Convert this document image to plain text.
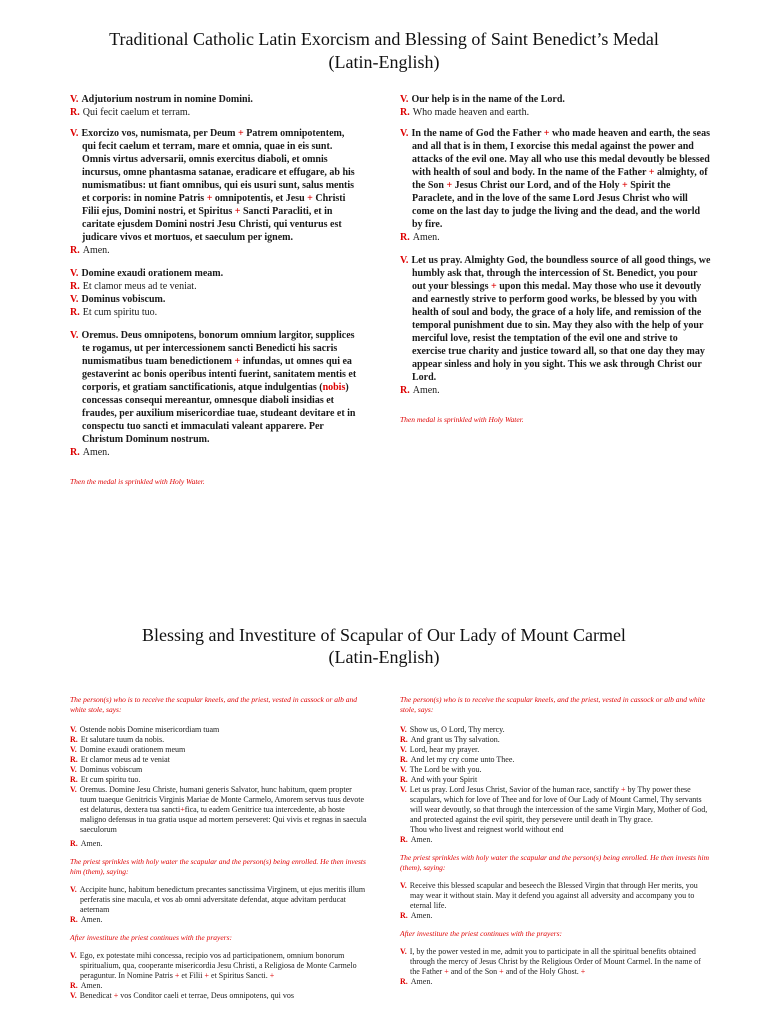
Traditional Catholic Latin Exorcism and Blessing of Saint Benedict’s Medal
(Latin-English)

V. Adjutorium nostrum in nomine Domini.

R. Qui fecit caelum et terram.

V. Exorcizo vos, numismata, per Deum + Patrem omnipotentem, qui fecit caelum et terram, mare et omnia, quae in eis sunt. Omnis virtus adversarii, omnis exercitus diaboli, et omnis incursus, omne phantasma satanae, eradicare et effugare, ab his numismatibus: ut fiant omnibus, qui eis usuri sunt, salus mentis et corporis: in nomine Patris + omnipotentis, et Jesu + Christi Filii ejus, Domini nostri, et Spiritus + Sancti Paracliti, et in caritate ejusdem Domini nostri Jesu Christi, qui venturus est judicare vivos et mortuos, et saeculum per ignem.

R. Amen.

V. Domine exaudi orationem meam.

R. Et clamor meus ad te veniat.

V. Dominus vobiscum.

R. Et cum spiritu tuo.

V. Oremus. Deus omnipotens, bonorum omnium largitor, supplices te rogamus, ut per intercessionem sancti Benedicti his sacris numismatibus tuam benedictionem + infundas, ut omnes qui ea gestaverint ac bonis operibus intenti fuerint, sanitatem mentis et corporis, et gratiam sanctificationis, atque indulgentias (nobis) concessas consequi mereantur, omnesque diaboli insidias et fraudes, per auxilium misericordiae tuae, studeant devitare et in conspectu tuo sancti et immaculati valeant apparere. Per Christum Dominum nostrum.

R. Amen.

Then the medal is sprinkled with Holy Water.

V. Our help is in the name of the Lord.

R. Who made heaven and earth.

V. In the name of God the Father + who made heaven and earth, the seas and all that is in them, I exorcise this medal against the power and attacks of the evil one. May all who use this medal devoutly be blessed with health of soul and body. In the name of the Father + almighty, of the Son + Jesus Christ our Lord, and of the Holy + Spirit the Paraclete, and in the love of the same Lord Jesus Christ who will come on the last day to judge the living and the dead, and the world by fire.

R. Amen.

V. Let us pray. Almighty God, the boundless source of all good things, we humbly ask that, through the intercession of St. Benedict, you pour out your blessings + upon this medal. May those who use it devoutly and earnestly strive to perform good works, be blessed by you with health of soul and body, the grace of a holy life, and remission of the temporal punishment due to sin. May they also with the help of your merciful love, resist the temptation of the evil one and strive to exercise true charity and justice toward all, so that one day they may appear sinless and holy in you sight. This we ask through Christ our Lord.

R. Amen.

Then medal is sprinkled with Holy Water.

Blessing and Investiture of Scapular of Our Lady of Mount Carmel
(Latin-English)

The person(s) who is to receive the scapular kneels, and the priest, vested in cassock or alb and white stole, says:

V. Ostende nobis Domine misericordiam tuam

R. Et salutare tuum da nobis.

V. Domine exaudi orationem meum

R. Et clamor meus ad te veniat

V. Dominus vobiscum

R. Et cum spiritu tuo.

V. Oremus. Domine Jesu Christe, humani generis Salvator, hunc habitum, quem propter tuum tuaeque Genitricis Virginis Mariae de Monte Carmelo, Amorem servus tuus devote est delaturus, dextera tua sancti+fica, tu eadem Genitrice tua intercedente, ab hoste maligno defensus in tua gratia usque ad mortem perseveret: Qui vivis et regnas in saecula saeculorum

R. Amen.

The priest sprinkles with holy water the scapular and the person(s) being enrolled. He then invests him (them), saying:

V. Accipite hunc, habitum benedictum precantes sanctissima Virginem, ut ejus meritis illum perferatis sine macula, et vos ab omni adversitate defendat, atque advitam perducat aeternam

R. Amen.

After investiture the priest continues with the prayers:

V. Ego, ex potestate mihi concessa, recipio vos ad participationem, omnium bonorum spiritualium, qua, cooperante misericordia Jesu Christi, a Religiosa de Monte Carmelo peraguntur. In Nomine Patris + et Filii + et Spiritus Sancti. +

R. Amen.

V. Benedicat + vos Conditor caeli et terrae, Deus omnipotens, qui vos

The person(s) who is to receive the scapular kneels, and the priest, vested in cassock or alb and white stole, says:

V. Show us, O Lord, Thy mercy.

R. And grant us Thy salvation.

V. Lord, hear my prayer.

R. And let my cry come unto Thee.

V. The Lord be with you.

R. And with your Spirit

V. Let us pray. Lord Jesus Christ, Savior of the human race, sanctify + by Thy power these scapulars, which for love of Thee and for love of Our Lady of Mount Carmel, Thy servants will wear devoutly, so that through the intercession of the same Virgin Mary, Mother of God, and protected against the evil spirit, they persevere until death in Thy grace.

Thou who livest and reignest world without end

R. Amen.

The priest sprinkles with holy water the scapular and the person(s) being enrolled. He then invests him (them), saying:

V. Receive this blessed scapular and beseech the Blessed Virgin that through Her merits, you may wear it without stain. May it defend you against all adversity and accompany you to eternal life.

R. Amen.

After investiture the priest continues with the prayers:

V. I, by the power vested in me, admit you to participate in all the spiritual benefits obtained through the mercy of Jesus Christ by the Religious Order of Mount Carmel. In the name of the Father + and of the Son + and of the Holy Ghost. +

R. Amen.
